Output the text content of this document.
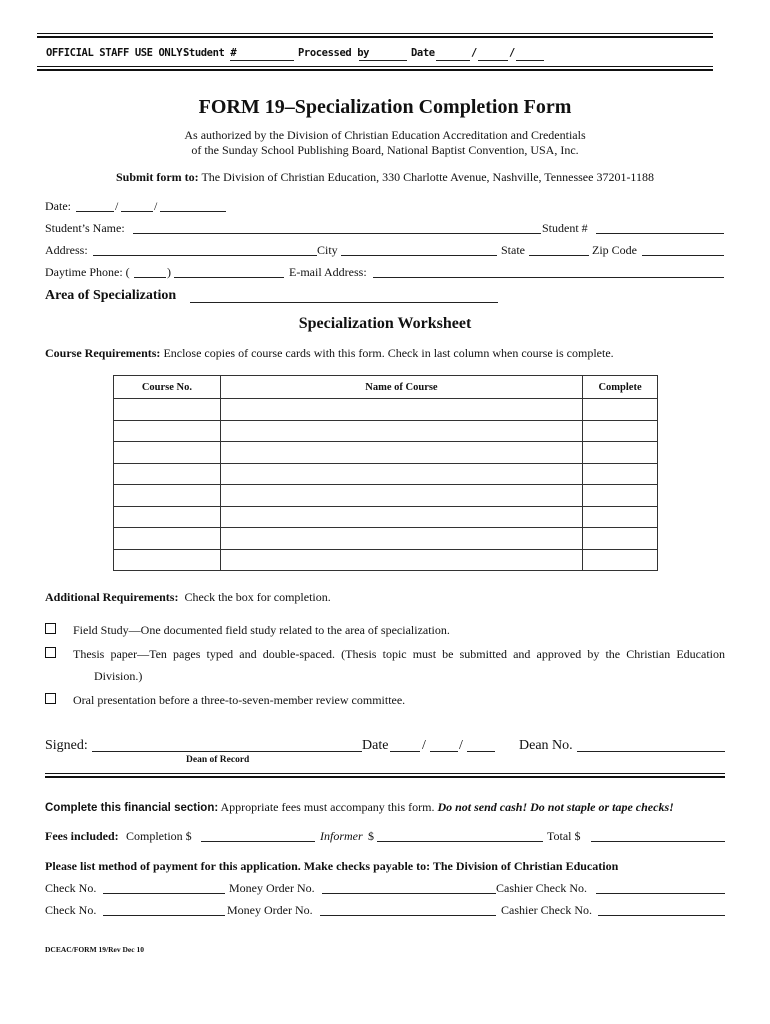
OFFICIAL STAFF USE ONLY:
Student #	Processed by	Date	/	/
FORM 19–Specialization Completion Form
As authorized by the Division of Christian Education Accreditation and Credentials
of the Sunday School Publishing Board, National Baptist Convention, USA, Inc.
Submit form to: The Division of Christian Education, 330 Charlotte Avenue, Nashville, Tennessee 37201-1188
Date:	/	/
Student’s Name:	Student #
Address:	City	State	Zip Code
Daytime Phone: (	)	E-mail Address:
Area of Specialization
Specialization Worksheet
Course Requirements: Enclose copies of course cards with this form. Check in last column when course is complete.
Course No.	Name of Course	Complete

Additional Requirements: Check the box for completion.
Field Study—One documented field study related to the area of specialization.
Thesis paper—Ten pages typed and double-spaced. (Thesis topic must be submitted and approved by the Christian Education
Division.)
Oral presentation before a three-to-seven-member review committee.
Signed:	Date / /	Dean No.
Dean of Record
Complete this financial section: Appropriate fees must accompany this form. Do not send cash! Do not staple or tape checks!
Fees included: Completion $	Informer $	Total $
Please list method of payment for this application. Make checks payable to: The Division of Christian Education
Check No.	Money Order No.	Cashier Check No.
Check No.	Money Order No.	Cashier Check No.
DCEAC/FORM 19/Rev Dec 10
